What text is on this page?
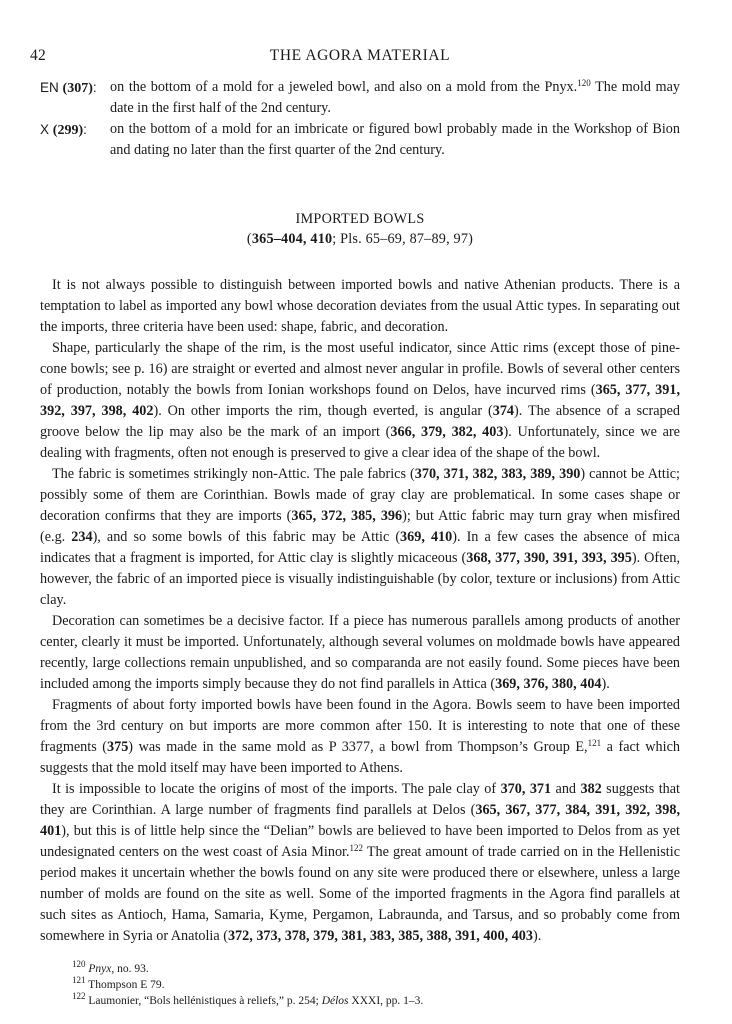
42	THE AGORA MATERIAL
EN (307): on the bottom of a mold for a jeweled bowl, and also on a mold from the Pnyx.$^{120}$ The mold may date in the first half of the 2nd century.
X (299):	on the bottom of a mold for an imbricate or figured bowl probably made in the Workshop of Bion and dating no later than the first quarter of the 2nd century.
IMPORTED BOWLS
(365–404, 410; Pls. 65–69, 87–89, 97)

It is not always possible to distinguish between imported bowls and native Athenian products. There is a temptation to label as imported any bowl whose decoration deviates from the usual Attic types. In separating out the imports, three criteria have been used: shape, fabric, and decoration.

Shape, particularly the shape of the rim, is the most useful indicator, since Attic rims (except those of pine-cone bowls; see p. 16) are straight or everted and almost never angular in profile. Bowls of several other centers of production, notably the bowls from Ionian workshops found on Delos, have incurved rims (365, 377, 391, 392, 397, 398, 402). On other imports the rim, though everted, is angular (374). The absence of a scraped groove below the lip may also be the mark of an import (366, 379, 382, 403). Unfortunately, since we are dealing with fragments, often not enough is preserved to give a clear idea of the shape of the bowl.

The fabric is sometimes strikingly non-Attic. The pale fabrics (370, 371, 382, 383, 389, 390) cannot be Attic; possibly some of them are Corinthian. Bowls made of gray clay are problematical. In some cases shape or decoration confirms that they are imports (365, 372, 385, 396); but Attic fabric may turn gray when misfired (e.g. 234), and so some bowls of this fabric may be Attic (369, 410). In a few cases the absence of mica indicates that a fragment is imported, for Attic clay is slightly micaceous (368, 377, 390, 391, 393, 395). Often, however, the fabric of an imported piece is visually indistinguishable (by color, texture or inclusions) from Attic clay.

Decoration can sometimes be a decisive factor. If a piece has numerous parallels among products of another center, clearly it must be imported. Unfortunately, although several volumes on moldmade bowls have appeared recently, large collections remain unpublished, and so comparanda are not easily found. Some pieces have been included among the imports simply because they do not find parallels in Attica (369, 376, 380, 404).

Fragments of about forty imported bowls have been found in the Agora. Bowls seem to have been imported from the 3rd century on but imports are more common after 150. It is interesting to note that one of these fragments (375) was made in the same mold as P 3377, a bowl from Thompson’s Group E,$^{121}$ a fact which suggests that the mold itself may have been imported to Athens.

It is impossible to locate the origins of most of the imports. The pale clay of 370, 371 and 382 suggests that they are Corinthian. A large number of fragments find parallels at Delos (365, 367, 377, 384, 391, 392, 398, 401), but this is of little help since the “Delian” bowls are believed to have been imported to Delos from as yet undesignated centers on the west coast of Asia Minor.$^{122}$ The great amount of trade carried on in the Hellenistic period makes it uncertain whether the bowls found on any site were produced there or elsewhere, unless a large number of molds are found on the site as well. Some of the imported fragments in the Agora find parallels at such sites as Antioch, Hama, Samaria, Kyme, Pergamon, Labraunda, and Tarsus, and so probably come from somewhere in Syria or Anatolia (372, 373, 378, 379, 381, 383, 385, 388, 391, 400, 403).

$^{120}$ Pnyx, no. 93.
$^{121}$ Thompson E 79.
$^{122}$ Laumonier, “Bols hellénistiques à reliefs,” p. 254; Délos XXXI, pp. 1–3.
